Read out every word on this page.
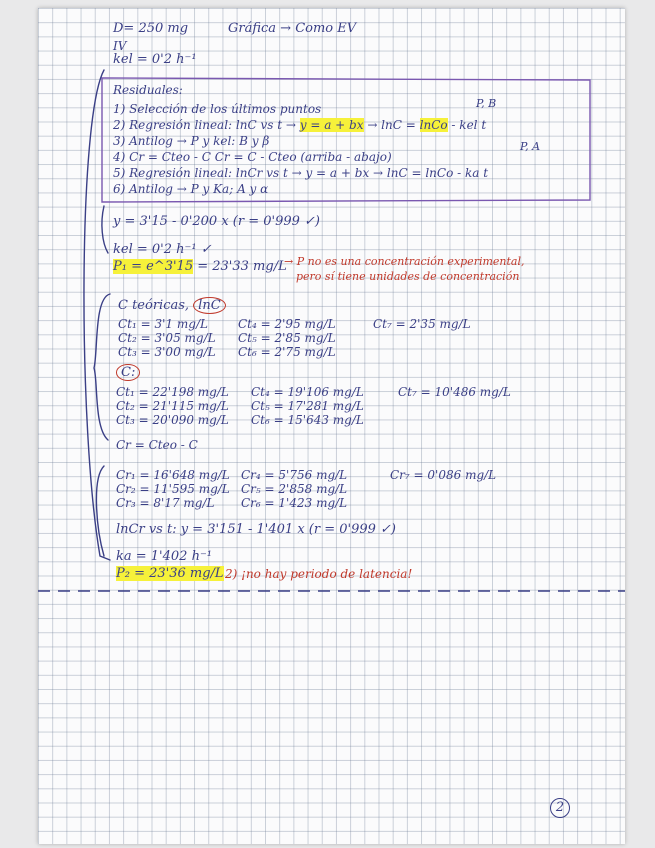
D= 250 mg	Gráfica → Como EV
IV
kel = 0'2 h⁻¹
Residuales:
P, B
1) Selección de los últimos puntos
2) Regresión lineal: lnC vs t → y = a + bx → lnC = lnCo - kel t
3) Antilog → P y kel: B y β	P, A
4) Cr = Cteo - C Cr = C - Cteo (arriba - abajo)
5) Regresión lineal: lnCr vs t → y = a + bx → lnC = lnCo - ka t
6) Antilog → P y Ka; A y α
y = 3'15 - 0'200 x (r = 0'999 ✓)
kel = 0'2 h⁻¹ ✓
P₁ = e^3'15 = 23'33 mg/L
→ P no es una concentración experimental,
pero sí tiene unidades de concentración
C teóricas, lnC
Ct₁ = 3'1 mg/L
Ct₂ = 3'05 mg/L
Ct₃ = 3'00 mg/L
Ct₄ = 2'95 mg/L
Ct₅ = 2'85 mg/L
Ct₆ = 2'75 mg/L
Ct₇ = 2'35 mg/L
C:
Ct₁ = 22'198 mg/L
Ct₂ = 21'115 mg/L
Ct₃ = 20'090 mg/L
Ct₄ = 19'106 mg/L
Ct₅ = 17'281 mg/L
Ct₆ = 15'643 mg/L
Ct₇ = 10'486 mg/L
Cr = Cteo - C
Cr₁ = 16'648 mg/L
Cr₂ = 11'595 mg/L
Cr₃ = 8'17 mg/L
Cr₄ = 5'756 mg/L
Cr₅ = 2'858 mg/L
Cr₆ = 1'423 mg/L
Cr₇ = 0'086 mg/L
lnCr vs t: y = 3'151 - 1'401 x (r = 0'999 ✓)
ka = 1'402 h⁻¹
P₂ = 23'36 mg/L 2) ¡no hay periodo de latencia!
2
